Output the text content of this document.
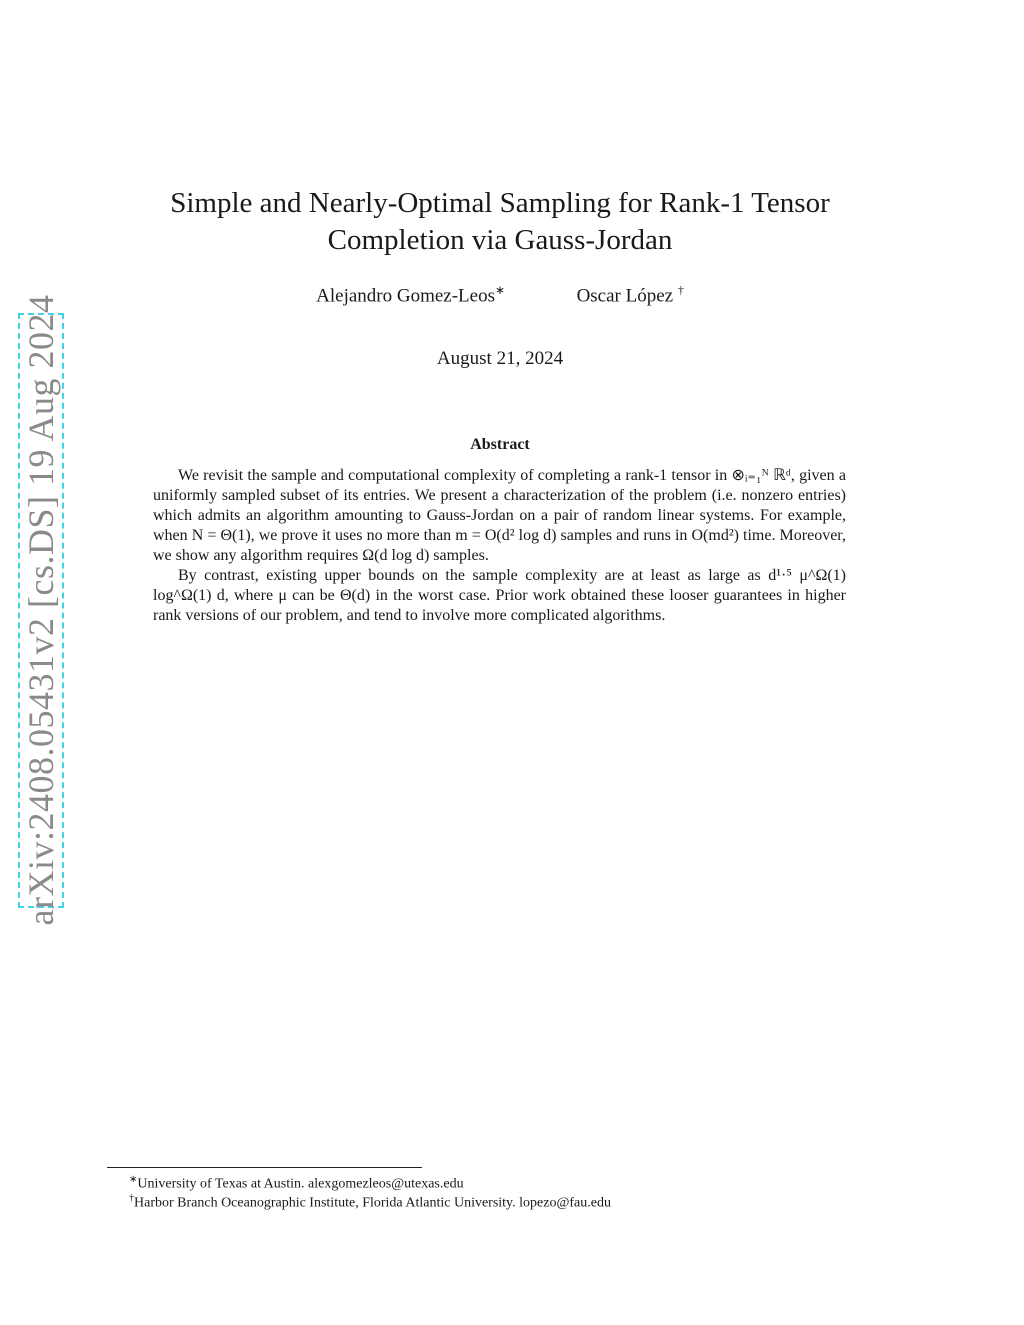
arXiv:2408.05431v2 [cs.DS] 19 Aug 2024
Simple and Nearly-Optimal Sampling for Rank-1 Tensor Completion via Gauss-Jordan
Alejandro Gomez-Leos∗	Oscar López †
August 21, 2024
Abstract

We revisit the sample and computational complexity of completing a rank-1 tensor in ⊗ᵢ₌₁ᴺ ℝᵈ, given a uniformly sampled subset of its entries. We present a characterization of the problem (i.e. nonzero entries) which admits an algorithm amounting to Gauss-Jordan on a pair of random linear systems. For example, when N = Θ(1), we prove it uses no more than m = O(d² log d) samples and runs in O(md²) time. Moreover, we show any algorithm requires Ω(d log d) samples.

By contrast, existing upper bounds on the sample complexity are at least as large as d¹·⁵ μ^Ω(1) log^Ω(1) d, where μ can be Θ(d) in the worst case. Prior work obtained these looser guarantees in higher rank versions of our problem, and tend to involve more complicated algorithms.

∗University of Texas at Austin. alexgomezleos@utexas.edu
†Harbor Branch Oceanographic Institute, Florida Atlantic University. lopezo@fau.edu
